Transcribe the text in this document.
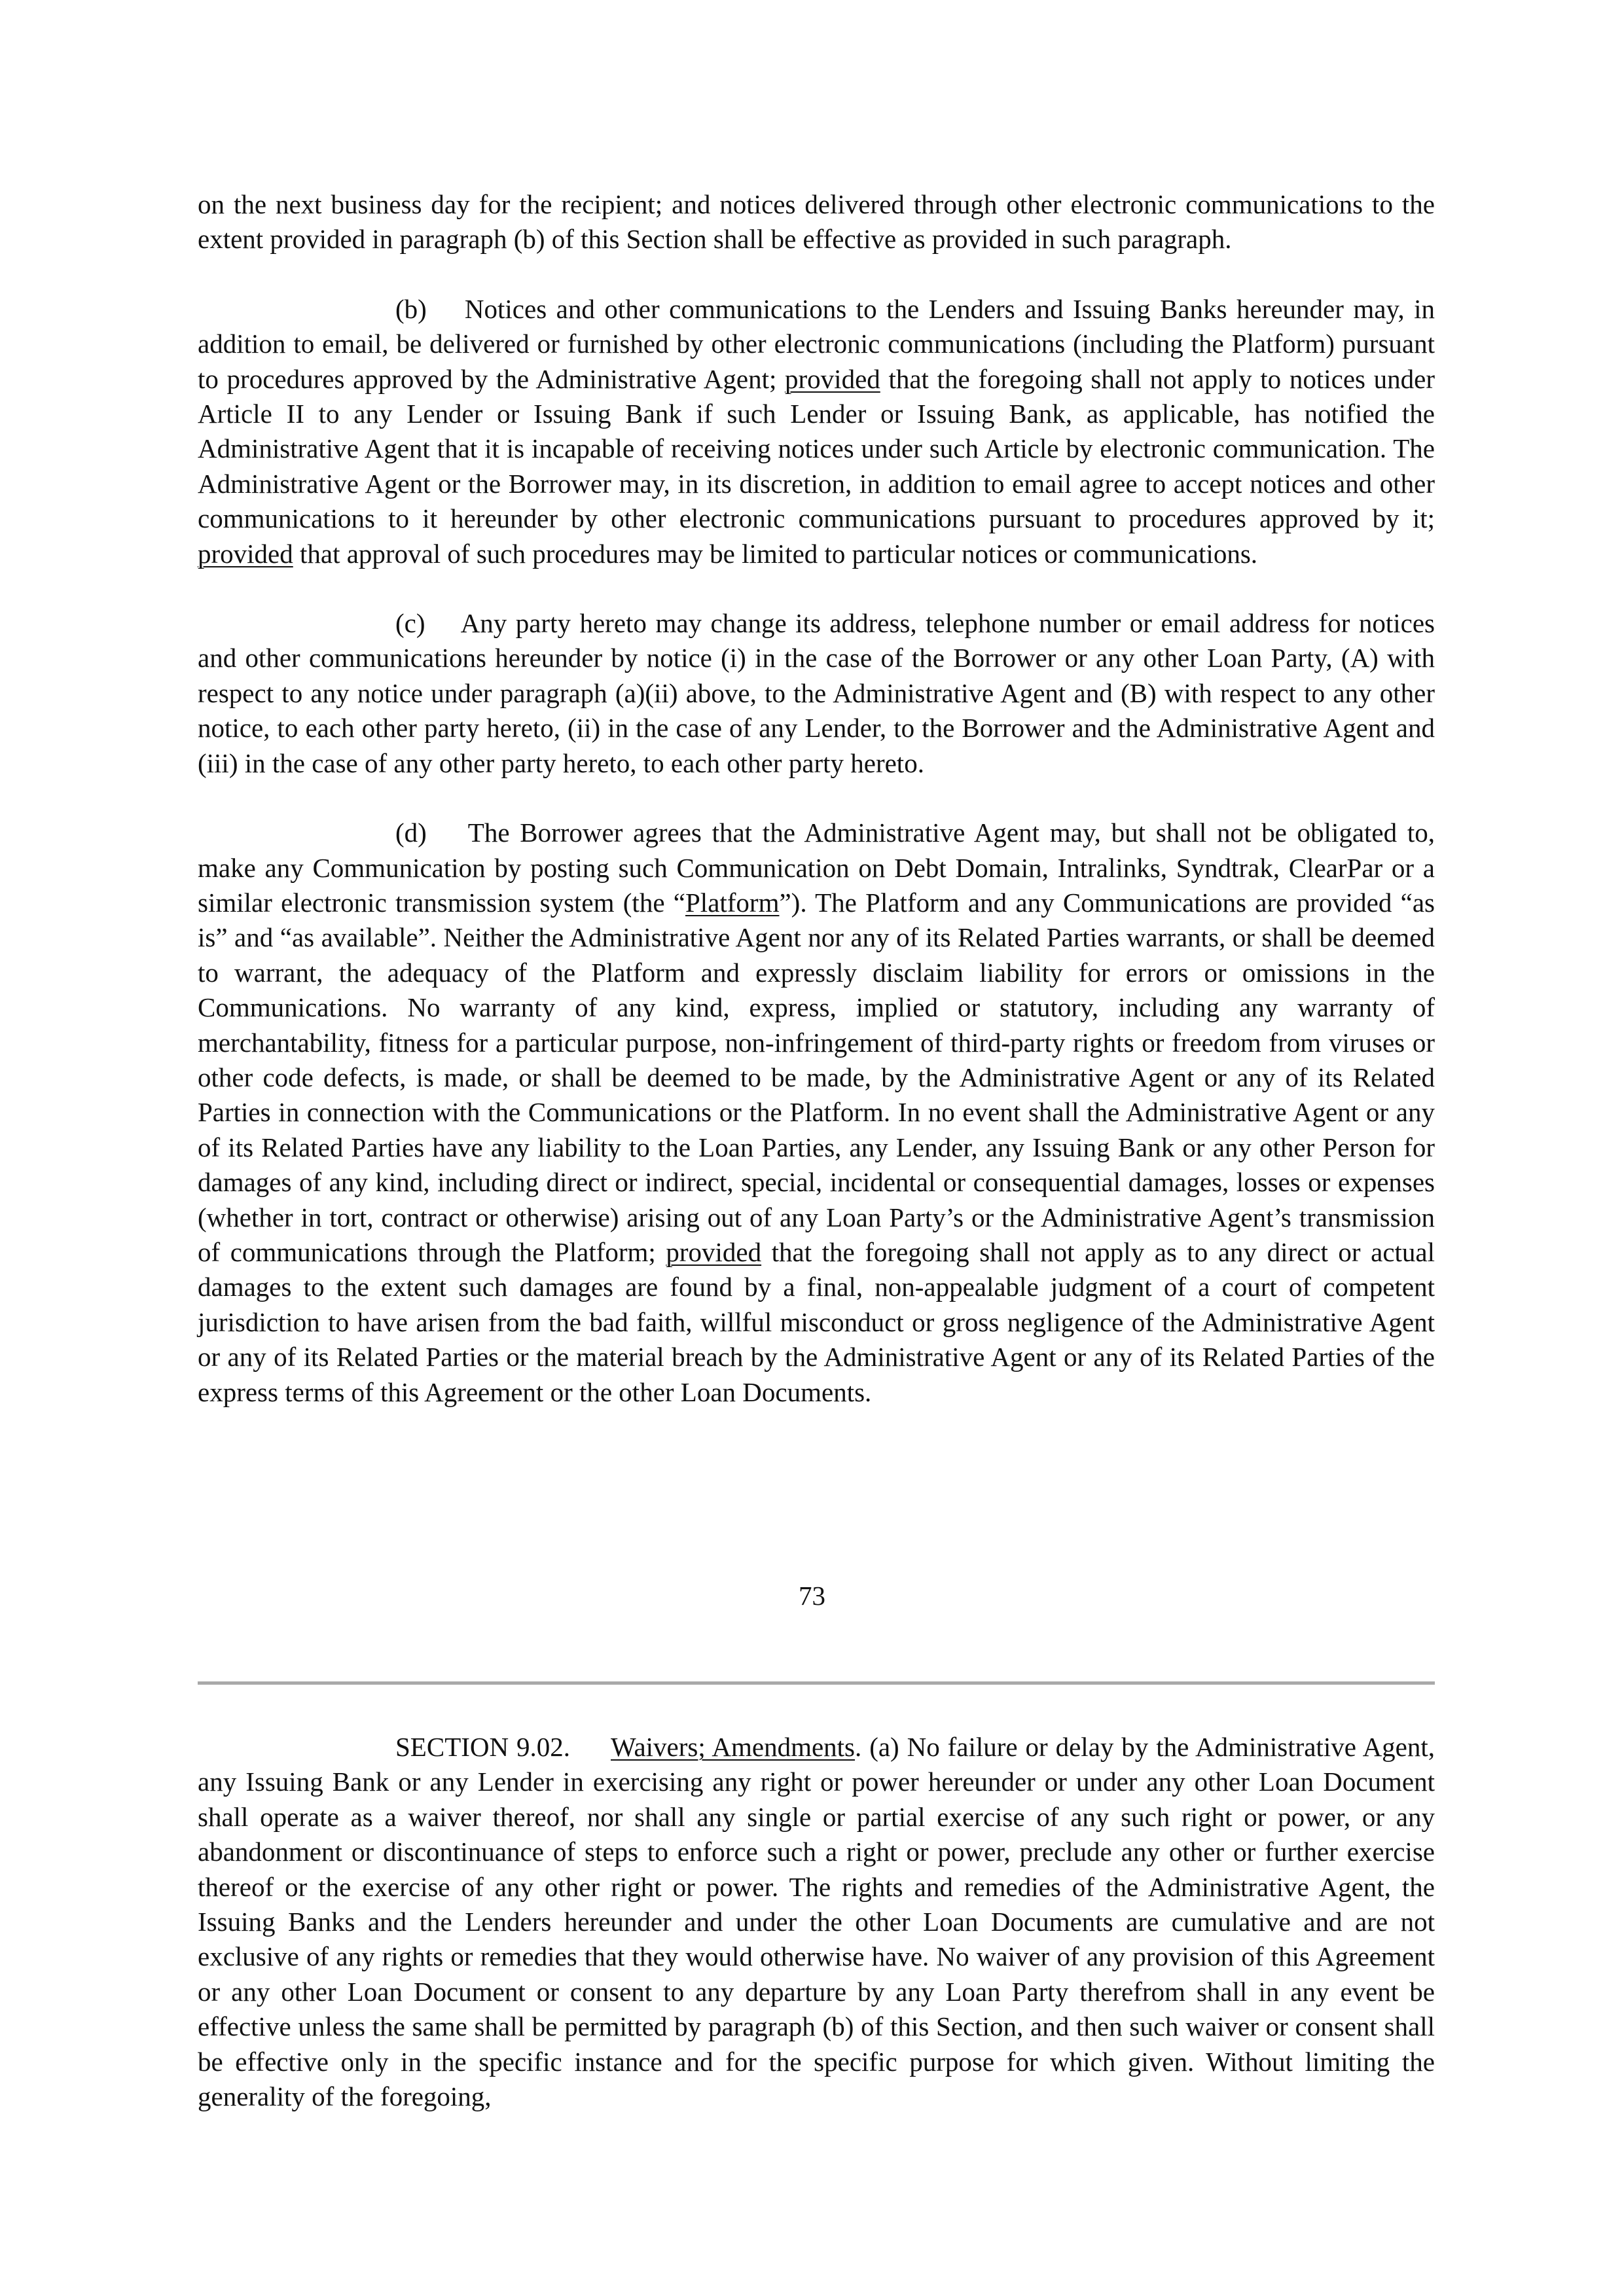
on the next business day for the recipient; and notices delivered through other electronic communications to the extent provided in paragraph (b) of this Section shall be effective as provided in such paragraph.

(b) Notices and other communications to the Lenders and Issuing Banks hereunder may, in addition to email, be delivered or furnished by other electronic communications (including the Platform) pursuant to procedures approved by the Administrative Agent; provided that the foregoing shall not apply to notices under Article II to any Lender or Issuing Bank if such Lender or Issuing Bank, as applicable, has notified the Administrative Agent that it is incapable of receiving notices under such Article by electronic communication. The Administrative Agent or the Borrower may, in its discretion, in addition to email agree to accept notices and other communications to it hereunder by other electronic communications pursuant to procedures approved by it; provided that approval of such procedures may be limited to particular notices or communications.

(c) Any party hereto may change its address, telephone number or email address for notices and other communications hereunder by notice (i) in the case of the Borrower or any other Loan Party, (A) with respect to any notice under paragraph (a)(ii) above, to the Administrative Agent and (B) with respect to any other notice, to each other party hereto, (ii) in the case of any Lender, to the Borrower and the Administrative Agent and (iii) in the case of any other party hereto, to each other party hereto.

(d) The Borrower agrees that the Administrative Agent may, but shall not be obligated to, make any Communication by posting such Communication on Debt Domain, Intralinks, Syndtrak, ClearPar or a similar electronic transmission system (the “Platform”). The Platform and any Communications are provided “as is” and “as available”. Neither the Administrative Agent nor any of its Related Parties warrants, or shall be deemed to warrant, the adequacy of the Platform and expressly disclaim liability for errors or omissions in the Communications. No warranty of any kind, express, implied or statutory, including any warranty of merchantability, fitness for a particular purpose, non-infringement of third-party rights or freedom from viruses or other code defects, is made, or shall be deemed to be made, by the Administrative Agent or any of its Related Parties in connection with the Communications or the Platform. In no event shall the Administrative Agent or any of its Related Parties have any liability to the Loan Parties, any Lender, any Issuing Bank or any other Person for damages of any kind, including direct or indirect, special, incidental or consequential damages, losses or expenses (whether in tort, contract or otherwise) arising out of any Loan Party’s or the Administrative Agent’s transmission of communications through the Platform; provided that the foregoing shall not apply as to any direct or actual damages to the extent such damages are found by a final, non-appealable judgment of a court of competent jurisdiction to have arisen from the bad faith, willful misconduct or gross negligence of the Administrative Agent or any of its Related Parties or the material breach by the Administrative Agent or any of its Related Parties of the express terms of this Agreement or the other Loan Documents.

73

SECTION 9.02. Waivers; Amendments. (a) No failure or delay by the Administrative Agent, any Issuing Bank or any Lender in exercising any right or power hereunder or under any other Loan Document shall operate as a waiver thereof, nor shall any single or partial exercise of any such right or power, or any abandonment or discontinuance of steps to enforce such a right or power, preclude any other or further exercise thereof or the exercise of any other right or power. The rights and remedies of the Administrative Agent, the Issuing Banks and the Lenders hereunder and under the other Loan Documents are cumulative and are not exclusive of any rights or remedies that they would otherwise have. No waiver of any provision of this Agreement or any other Loan Document or consent to any departure by any Loan Party therefrom shall in any event be effective unless the same shall be permitted by paragraph (b) of this Section, and then such waiver or consent shall be effective only in the specific instance and for the specific purpose for which given. Without limiting the generality of the foregoing,
